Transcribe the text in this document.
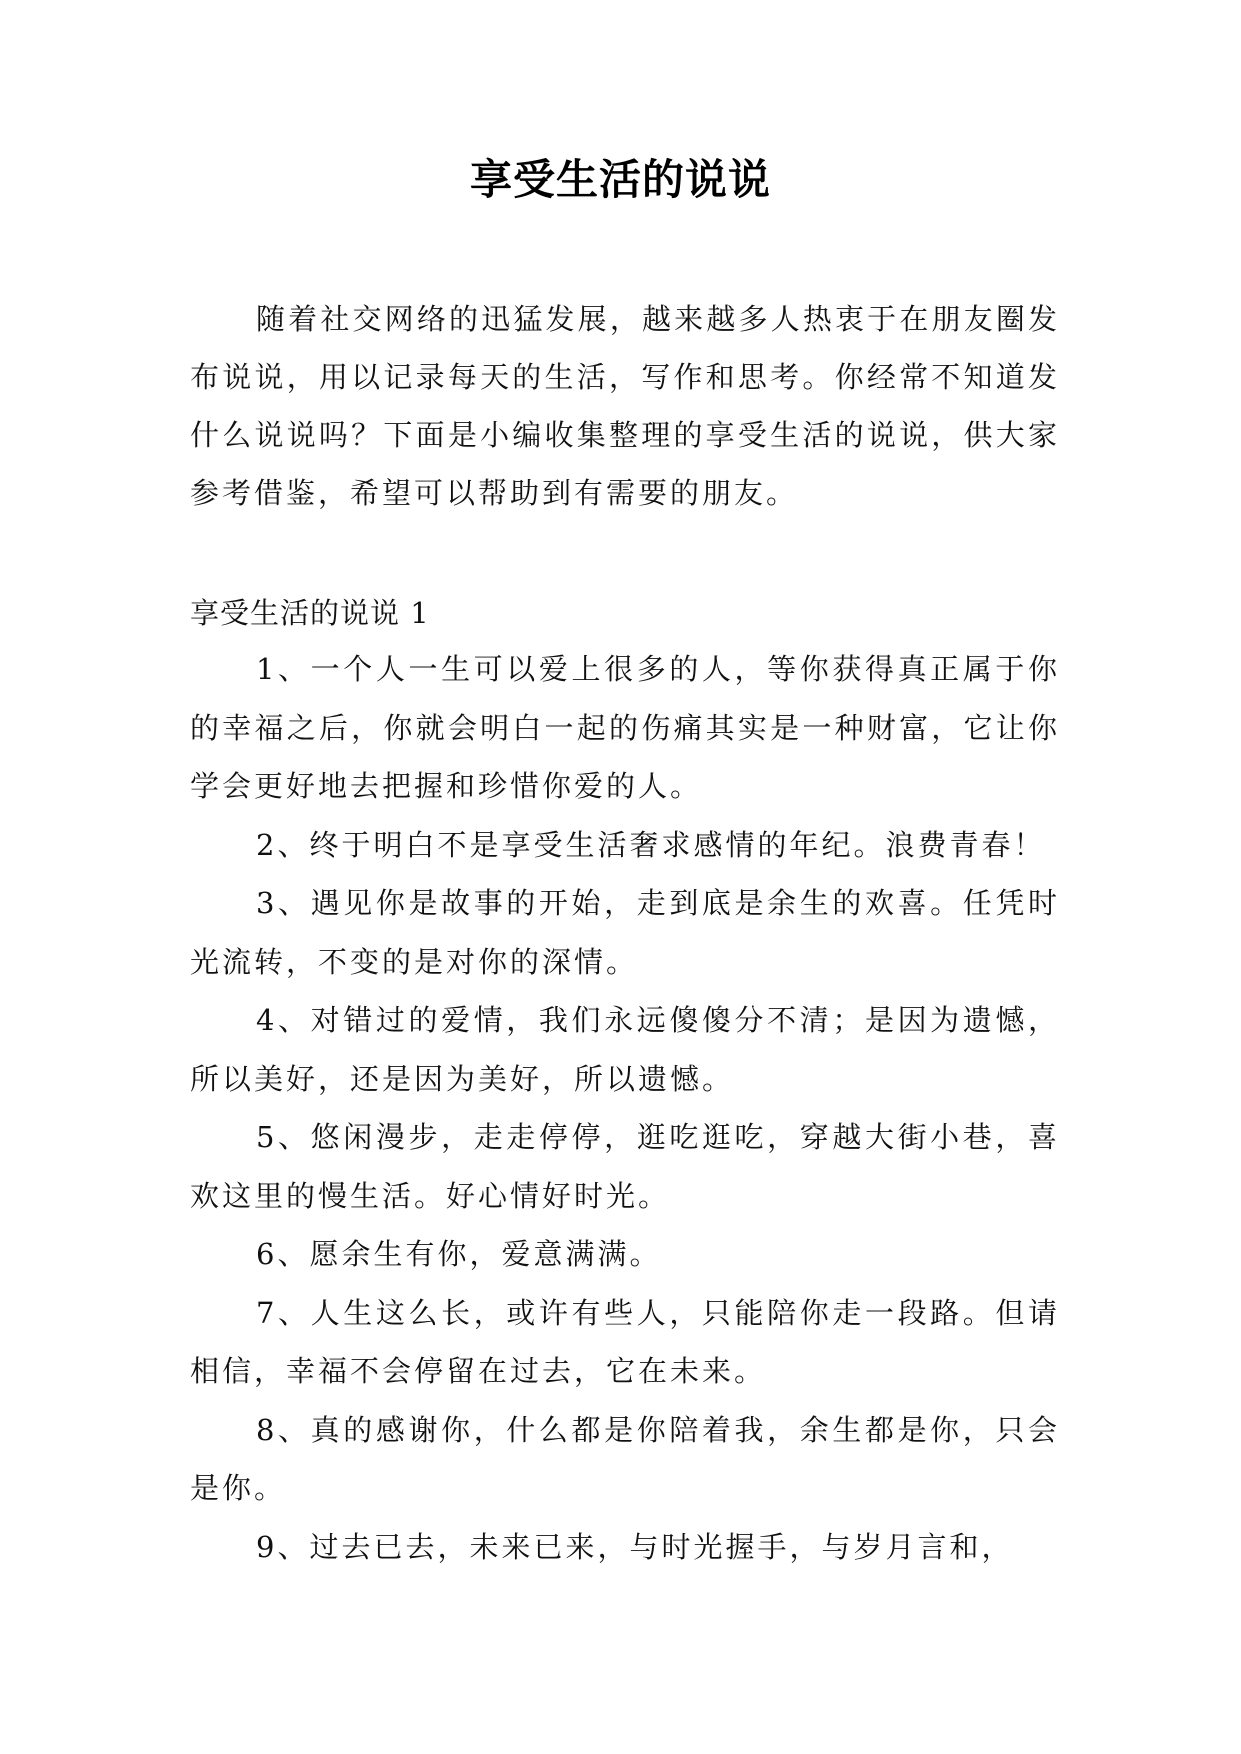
享受生活的说说

随着社交网络的迅猛发展，越来越多人热衷于在朋友圈发布说说，用以记录每天的生活，写作和思考。你经常不知道发什么说说吗？下面是小编收集整理的享受生活的说说，供大家参考借鉴，希望可以帮助到有需要的朋友。

享受生活的说说 1

1、一个人一生可以爱上很多的人，等你获得真正属于你的幸福之后，你就会明白一起的伤痛其实是一种财富，它让你学会更好地去把握和珍惜你爱的人。
2、终于明白不是享受生活奢求感情的年纪。浪费青春！
3、遇见你是故事的开始，走到底是余生的欢喜。任凭时光流转，不变的是对你的深情。
4、对错过的爱情，我们永远傻傻分不清；是因为遗憾，所以美好，还是因为美好，所以遗憾。
5、悠闲漫步，走走停停，逛吃逛吃，穿越大街小巷，喜欢这里的慢生活。好心情好时光。
6、愿余生有你，爱意满满。
7、人生这么长，或许有些人，只能陪你走一段路。但请相信，幸福不会停留在过去，它在未来。
8、真的感谢你，什么都是你陪着我，余生都是你，只会是你。
9、过去已去，未来已来，与时光握手，与岁月言和，
